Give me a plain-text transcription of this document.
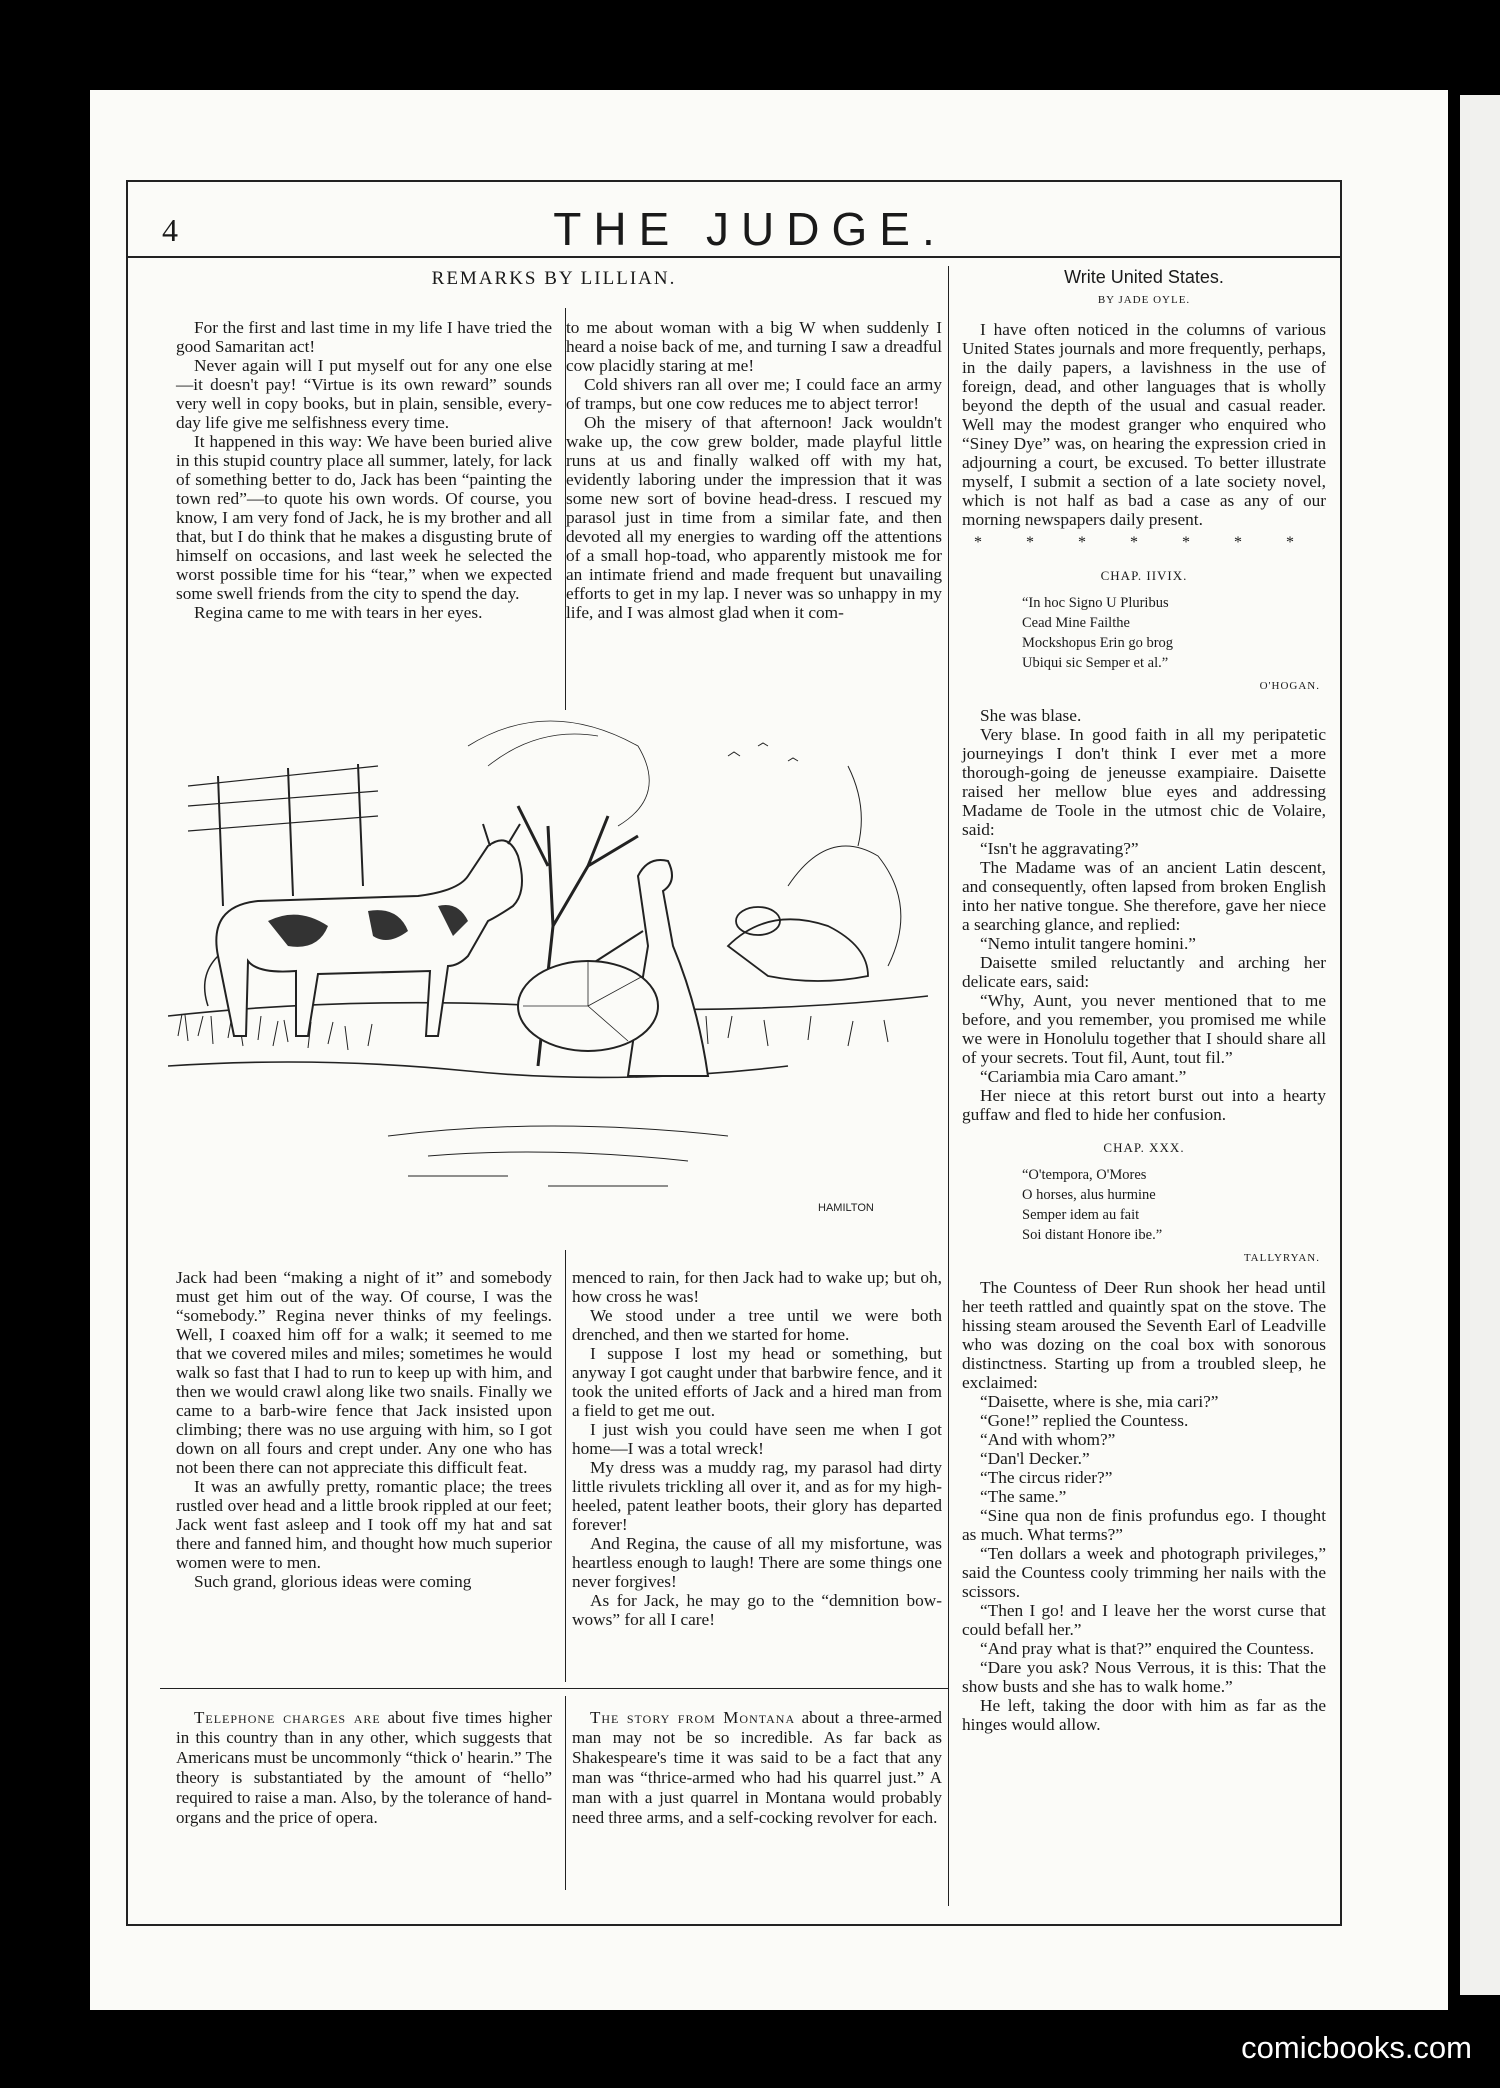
4	THE JUDGE.
REMARKS BY LILLIAN.

For the first and last time in my life I have tried the good Samaritan act!

Never again will I put myself out for any one else—it doesn't pay! “Virtue is its own reward” sounds very well in copy books, but in plain, sensible, every-day life give me selfishness every time.

It happened in this way: We have been buried alive in this stupid country place all summer, lately, for lack of something better to do, Jack has been “painting the town red”—to quote his own words. Of course, you know, I am very fond of Jack, he is my brother and all that, but I do think that he makes a disgusting brute of himself on occasions, and last week he selected the worst possible time for his “tear,” when we expected some swell friends from the city to spend the day.

Regina came to me with tears in her eyes.

to me about woman with a big W when suddenly I heard a noise back of me, and turning I saw a dreadful cow placidly staring at me!

Cold shivers ran all over me; I could face an army of tramps, but one cow reduces me to abject terror!

Oh the misery of that afternoon! Jack wouldn't wake up, the cow grew bolder, made playful little runs at us and finally walked off with my hat, evidently laboring under the impression that it was some new sort of bovine head-dress. I rescued my parasol just in time from a similar fate, and then devoted all my energies to warding off the attentions of a small hop-toad, who apparently mistook me for an intimate friend and made frequent but unavailing efforts to get in my lap. I never was so unhappy in my life, and I was almost glad when it com-

HAMILTON

Jack had been “making a night of it” and somebody must get him out of the way. Of course, I was the “somebody.” Regina never thinks of my feelings. Well, I coaxed him off for a walk; it seemed to me that we covered miles and miles; sometimes he would walk so fast that I had to run to keep up with him, and then we would crawl along like two snails. Finally we came to a barb-wire fence that Jack insisted upon climbing; there was no use arguing with him, so I got down on all fours and crept under. Any one who has not been there can not appreciate this difficult feat.

It was an awfully pretty, romantic place; the trees rustled over head and a little brook rippled at our feet; Jack went fast asleep and I took off my hat and sat there and fanned him, and thought how much superior women were to men.

Such grand, glorious ideas were coming

menced to rain, for then Jack had to wake up; but oh, how cross he was!

We stood under a tree until we were both drenched, and then we started for home.

I suppose I lost my head or something, but anyway I got caught under that barbwire fence, and it took the united efforts of Jack and a hired man from a field to get me out.

I just wish you could have seen me when I got home—I was a total wreck!

My dress was a muddy rag, my parasol had dirty little rivulets trickling all over it, and as for my high-heeled, patent leather boots, their glory has departed forever!

And Regina, the cause of all my misfortune, was heartless enough to laugh! There are some things one never forgives!

As for Jack, he may go to the “demnition bow-wows” for all I care!

Telephone charges are about five times higher in this country than in any other, which suggests that Americans must be uncommonly “thick o' hearin.” The theory is substantiated by the amount of “hello” required to raise a man. Also, by the tolerance of hand-organs and the price of opera.

The story from Montana about a three-armed man may not be so incredible. As far back as Shakespeare's time it was said to be a fact that any man was “thrice-armed who had his quarrel just.” A man with a just quarrel in Montana would probably need three arms, and a self-cocking revolver for each.

Write United States.
BY JADE OYLE.

I have often noticed in the columns of various United States journals and more frequently, perhaps, in the daily papers, a lavishness in the use of foreign, dead, and other languages that is wholly beyond the depth of the usual and casual reader. Well may the modest granger who enquired who “Siney Dye” was, on hearing the expression cried in adjourning a court, be excused. To better illustrate myself, I submit a section of a late society novel, which is not half as bad a case as any of our morning newspapers daily present.

* * * * * * *
CHAP. IIVIX.
“In hoc Signo U Pluribus
Cead Mine Failthe
Mockshopus Erin go brog
Ubiqui sic Semper et al.”
O'HOGAN.

She was blase.

Very blase. In good faith in all my peripatetic journeyings I don't think I ever met a more thorough-going de jeneusse exampiaire. Daisette raised her mellow blue eyes and addressing Madame de Toole in the utmost chic de Volaire, said:

“Isn't he aggravating?”

The Madame was of an ancient Latin descent, and consequently, often lapsed from broken English into her native tongue. She therefore, gave her niece a searching glance, and replied:

“Nemo intulit tangere homini.”

Daisette smiled reluctantly and arching her delicate ears, said:

“Why, Aunt, you never mentioned that to me before, and you remember, you promised me while we were in Honolulu together that I should share all of your secrets. Tout fil, Aunt, tout fil.”

“Cariambia mia Caro amant.”

Her niece at this retort burst out into a hearty guffaw and fled to hide her confusion.

CHAP. XXX.
“O'tempora, O'Mores
O horses, alus hurmine
Semper idem au fait
Soi distant Honore ibe.”
TALLYRYAN.

The Countess of Deer Run shook her head until her teeth rattled and quaintly spat on the stove. The hissing steam aroused the Seventh Earl of Leadville who was dozing on the coal box with sonorous distinctness. Starting up from a troubled sleep, he exclaimed:

“Daisette, where is she, mia cari?”

“Gone!” replied the Countess.

“And with whom?”

“Dan'l Decker.”

“The circus rider?”

“The same.”

“Sine qua non de finis profundus ego. I thought as much. What terms?”

“Ten dollars a week and photograph privileges,” said the Countess cooly trimming her nails with the scissors.

“Then I go! and I leave her the worst curse that could befall her.”

“And pray what is that?” enquired the Countess.

“Dare you ask? Nous Verrous, it is this: That the show busts and she has to walk home.”

He left, taking the door with him as far as the hinges would allow.

comicbooks.com
